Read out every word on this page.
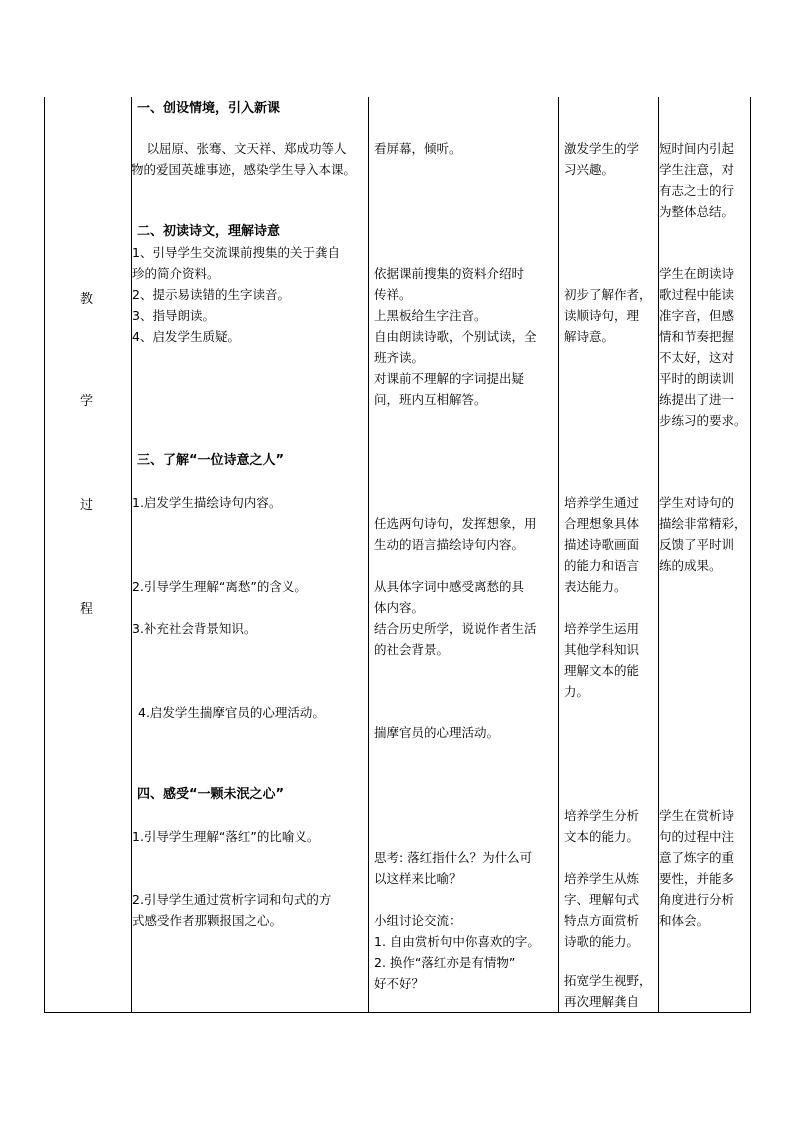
教
学
过
程
一、创设情境，引入新课
　以屈原、张骞、文天祥、郑成功等人
物的爱国英雄事迹，感染学生导入本课。
看屏幕，倾听。	激发学生的学
习兴趣。
短时间内引起
学生注意，对
有志之士的行
为整体总结。
二、初读诗文，理解诗意
1、引导学生交流课前搜集的关于龚自
珍的简介资料。
2、提示易读错的生字读音。
3、指导朗读。
4、启发学生质疑。
依据课前搜集的资料介绍时
传祥。
上黑板给生字注音。
自由朗读诗歌，个别试读，全
班齐读。
对课前不理解的字词提出疑
问，班内互相解答。
初步了解作者，
读顺诗句，理
解诗意。
学生在朗读诗
歌过程中能读
准字音，但感
情和节奏把握
不太好，这对
平时的朗读训
练提出了进一
步练习的要求。
三、了解“一位诗意之人”
1.启发学生描绘诗句内容。
2.引导学生理解“离愁”的含义。
3.补充社会背景知识。
4.启发学生揣摩官员的心理活动。
任选两句诗句，发挥想象，用
生动的语言描绘诗句内容。
从具体字词中感受离愁的具
体内容。
结合历史所学，说说作者生活
的社会背景。
揣摩官员的心理活动。
培养学生通过
合理想象具体
描述诗歌画面
的能力和语言
表达能力。
培养学生运用
其他学科知识
理解文本的能
力。
学生对诗句的
描绘非常精彩，
反馈了平时训
练的成果。
四、感受“一颗未泯之心”
1.引导学生理解“落红”的比喻义。
2.引导学生通过赏析字词和句式的方
式感受作者那颗报国之心。
思考: 落红指什么？为什么可
以这样来比喻？
小组讨论交流：
1. 自由赏析句中你喜欢的字。
2. 换作“落红亦是有情物”
好不好？
培养学生分析
文本的能力。
培养学生从炼
字、理解句式
特点方面赏析
诗歌的能力。
拓宽学生视野，
再次理解龚自
学生在赏析诗
句的过程中注
意了炼字的重
要性，并能多
角度进行分析
和体会。
